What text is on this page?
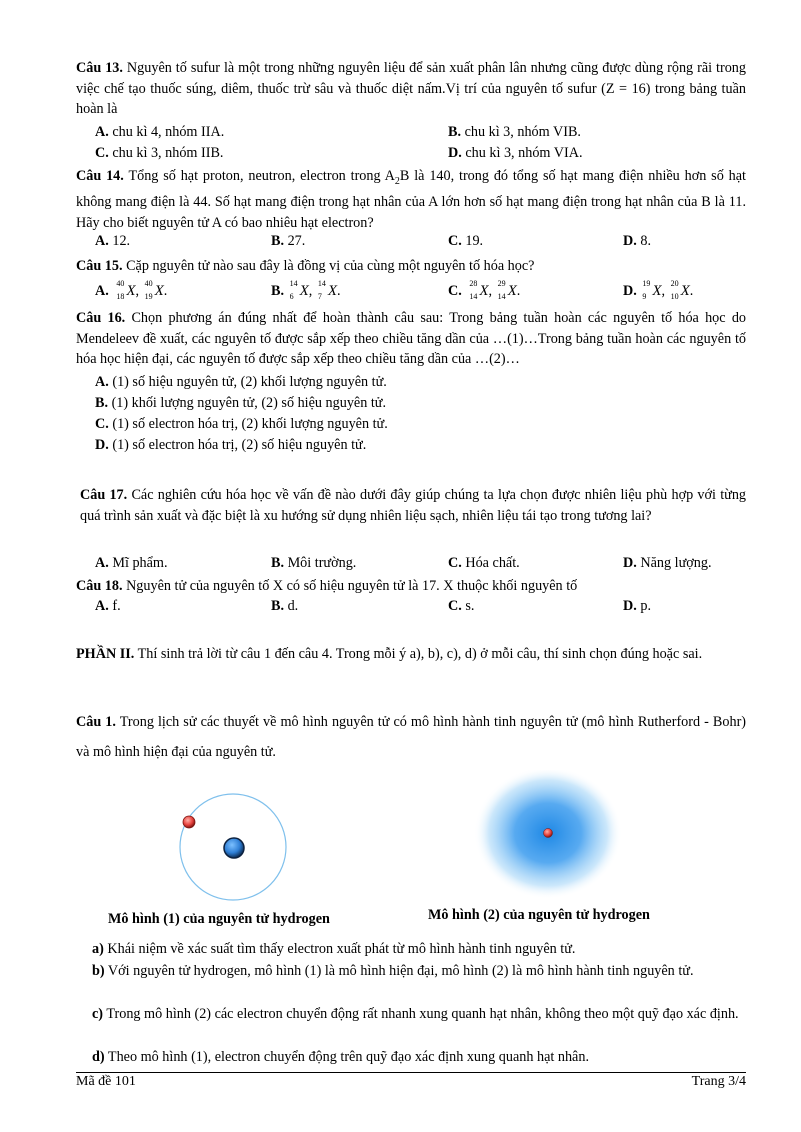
Câu 13. Nguyên tố sufur là một trong những nguyên liệu để sản xuất phân lân nhưng cũng được dùng rộng rãi trong việc chế tạo thuốc súng, diêm, thuốc trừ sâu và thuốc diệt nấm.Vị trí của nguyên tố sufur (Z = 16) trong bảng tuần hoàn là
A. chu kì 4, nhóm IIA.	B. chu kì 3, nhóm VIB.
C. chu kì 3, nhóm IIB.	D. chu kì 3, nhóm VIA.
Câu 14. Tổng số hạt proton, neutron, electron trong $A_2B$ là 140, trong đó tổng số hạt mang điện nhiều hơn số hạt không mang điện là 44. Số hạt mang điện trong hạt nhân của A lớn hơn số hạt mang điện trong hạt nhân của B là 11. Hãy cho biết nguyên tử A có bao nhiêu hạt electron?
A. 12.	B. 27.	C. 19.	D. 8.
Câu 15. Cặp nguyên tử nào sau đây là đồng vị của cùng một nguyên tố hóa học?
A. 40
18 X, 40
19 X.	B. 14
6 X, 14
7 X.	C. 28
14 X, 29
14 X.	D. 19
9 X, 20
10 X.
Câu 16. Chọn phương án đúng nhất để hoàn thành câu sau: Trong bảng tuần hoàn các nguyên tố hóa học do Mendeleev đề xuất, các nguyên tố được sắp xếp theo chiều tăng dần của …(1)…Trong bảng tuần hoàn các nguyên tố hóa học hiện đại, các nguyên tố được sắp xếp theo chiều tăng dần của …(2)…
A. (1) số hiệu nguyên tử, (2) khối lượng nguyên tử.
B. (1) khối lượng nguyên tử, (2) số hiệu nguyên tử.
C. (1) số electron hóa trị, (2) khối lượng nguyên tử.
D. (1) số electron hóa trị, (2) số hiệu nguyên tử.
Câu 17. Các nghiên cứu hóa học về vấn đề nào dưới đây giúp chúng ta lựa chọn được nhiên liệu phù hợp với từng quá trình sản xuất và đặc biệt là xu hướng sử dụng nhiên liệu sạch, nhiên liệu tái tạo trong tương lai?
A. Mĩ phẩm.	B. Môi trường.	C. Hóa chất.	D. Năng lượng.
Câu 18. Nguyên tử của nguyên tố X có số hiệu nguyên tử là 17. X thuộc khối nguyên tố
A. f.	B. d.	C. s.	D. p.
PHẦN II. Thí sinh trả lời từ câu 1 đến câu 4. Trong mỗi ý a), b), c), d) ở mỗi câu, thí sinh chọn đúng hoặc sai.
Câu 1. Trong lịch sử các thuyết về mô hình nguyên tử có mô hình hành tinh nguyên tử (mô hình Rutherford - Bohr) và mô hình hiện đại của nguyên tử.
Mô hình (1) của nguyên tử hydrogen	Mô hình (2) của nguyên tử hydrogen
a) Khái niệm về xác suất tìm thấy electron xuất phát từ mô hình hành tinh nguyên tử.
b) Với nguyên tử hydrogen, mô hình (1) là mô hình hiện đại, mô hình (2) là mô hình hành tinh nguyên tử.
c) Trong mô hình (2) các electron chuyển động rất nhanh xung quanh hạt nhân, không theo một quỹ đạo xác định.
d) Theo mô hình (1), electron chuyển động trên quỹ đạo xác định xung quanh hạt nhân.
Mã đề 101	Trang 3/4
